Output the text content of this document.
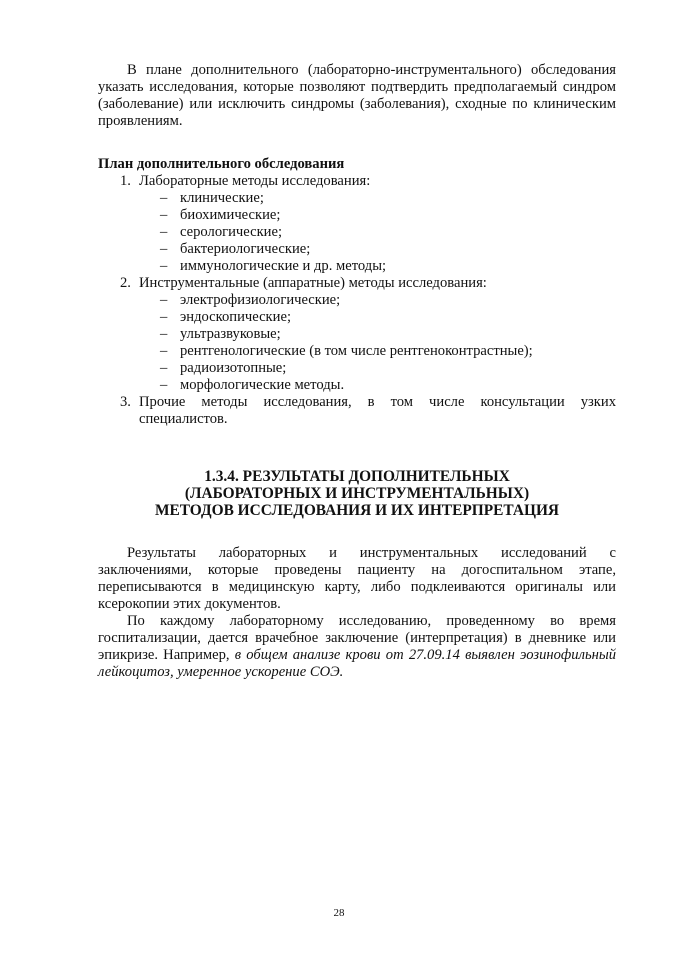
В плане дополнительного (лабораторно-инструментального) обследования указать исследования, которые позволяют подтвердить предполагаемый синдром (заболевание) или исключить синдромы (заболевания), сходные по клиническим проявлениям.

План дополнительного обследования

1. Лабораторные методы исследования:
– клинические;
– биохимические;
– серологические;
– бактериологические;
– иммунологические и др. методы;
2. Инструментальные (аппаратные) методы исследования:
– электрофизиологические;
– эндоскопические;
– ультразвуковые;
– рентгенологические (в том числе рентгеноконтрастные);
– радиоизотопные;
– морфологические методы.
3. Прочие методы исследования, в том числе консультации узких специалистов.
1.3.4. РЕЗУЛЬТАТЫ ДОПОЛНИТЕЛЬНЫХ
(ЛАБОРАТОРНЫХ И ИНСТРУМЕНТАЛЬНЫХ)
МЕТОДОВ ИССЛЕДОВАНИЯ И ИХ ИНТЕРПРЕТАЦИЯ

Результаты лабораторных и инструментальных исследований с заключениями, которые проведены пациенту на догоспитальном этапе, переписываются в медицинскую карту, либо подклеиваются оригиналы или ксерокопии этих документов.

По каждому лабораторному исследованию, проведенному во время госпитализации, дается врачебное заключение (интерпретация) в дневнике или эпикризе. Например, в общем анализе крови от 27.09.14 выявлен эозинофильный лейкоцитоз, умеренное ускорение СОЭ.

28
